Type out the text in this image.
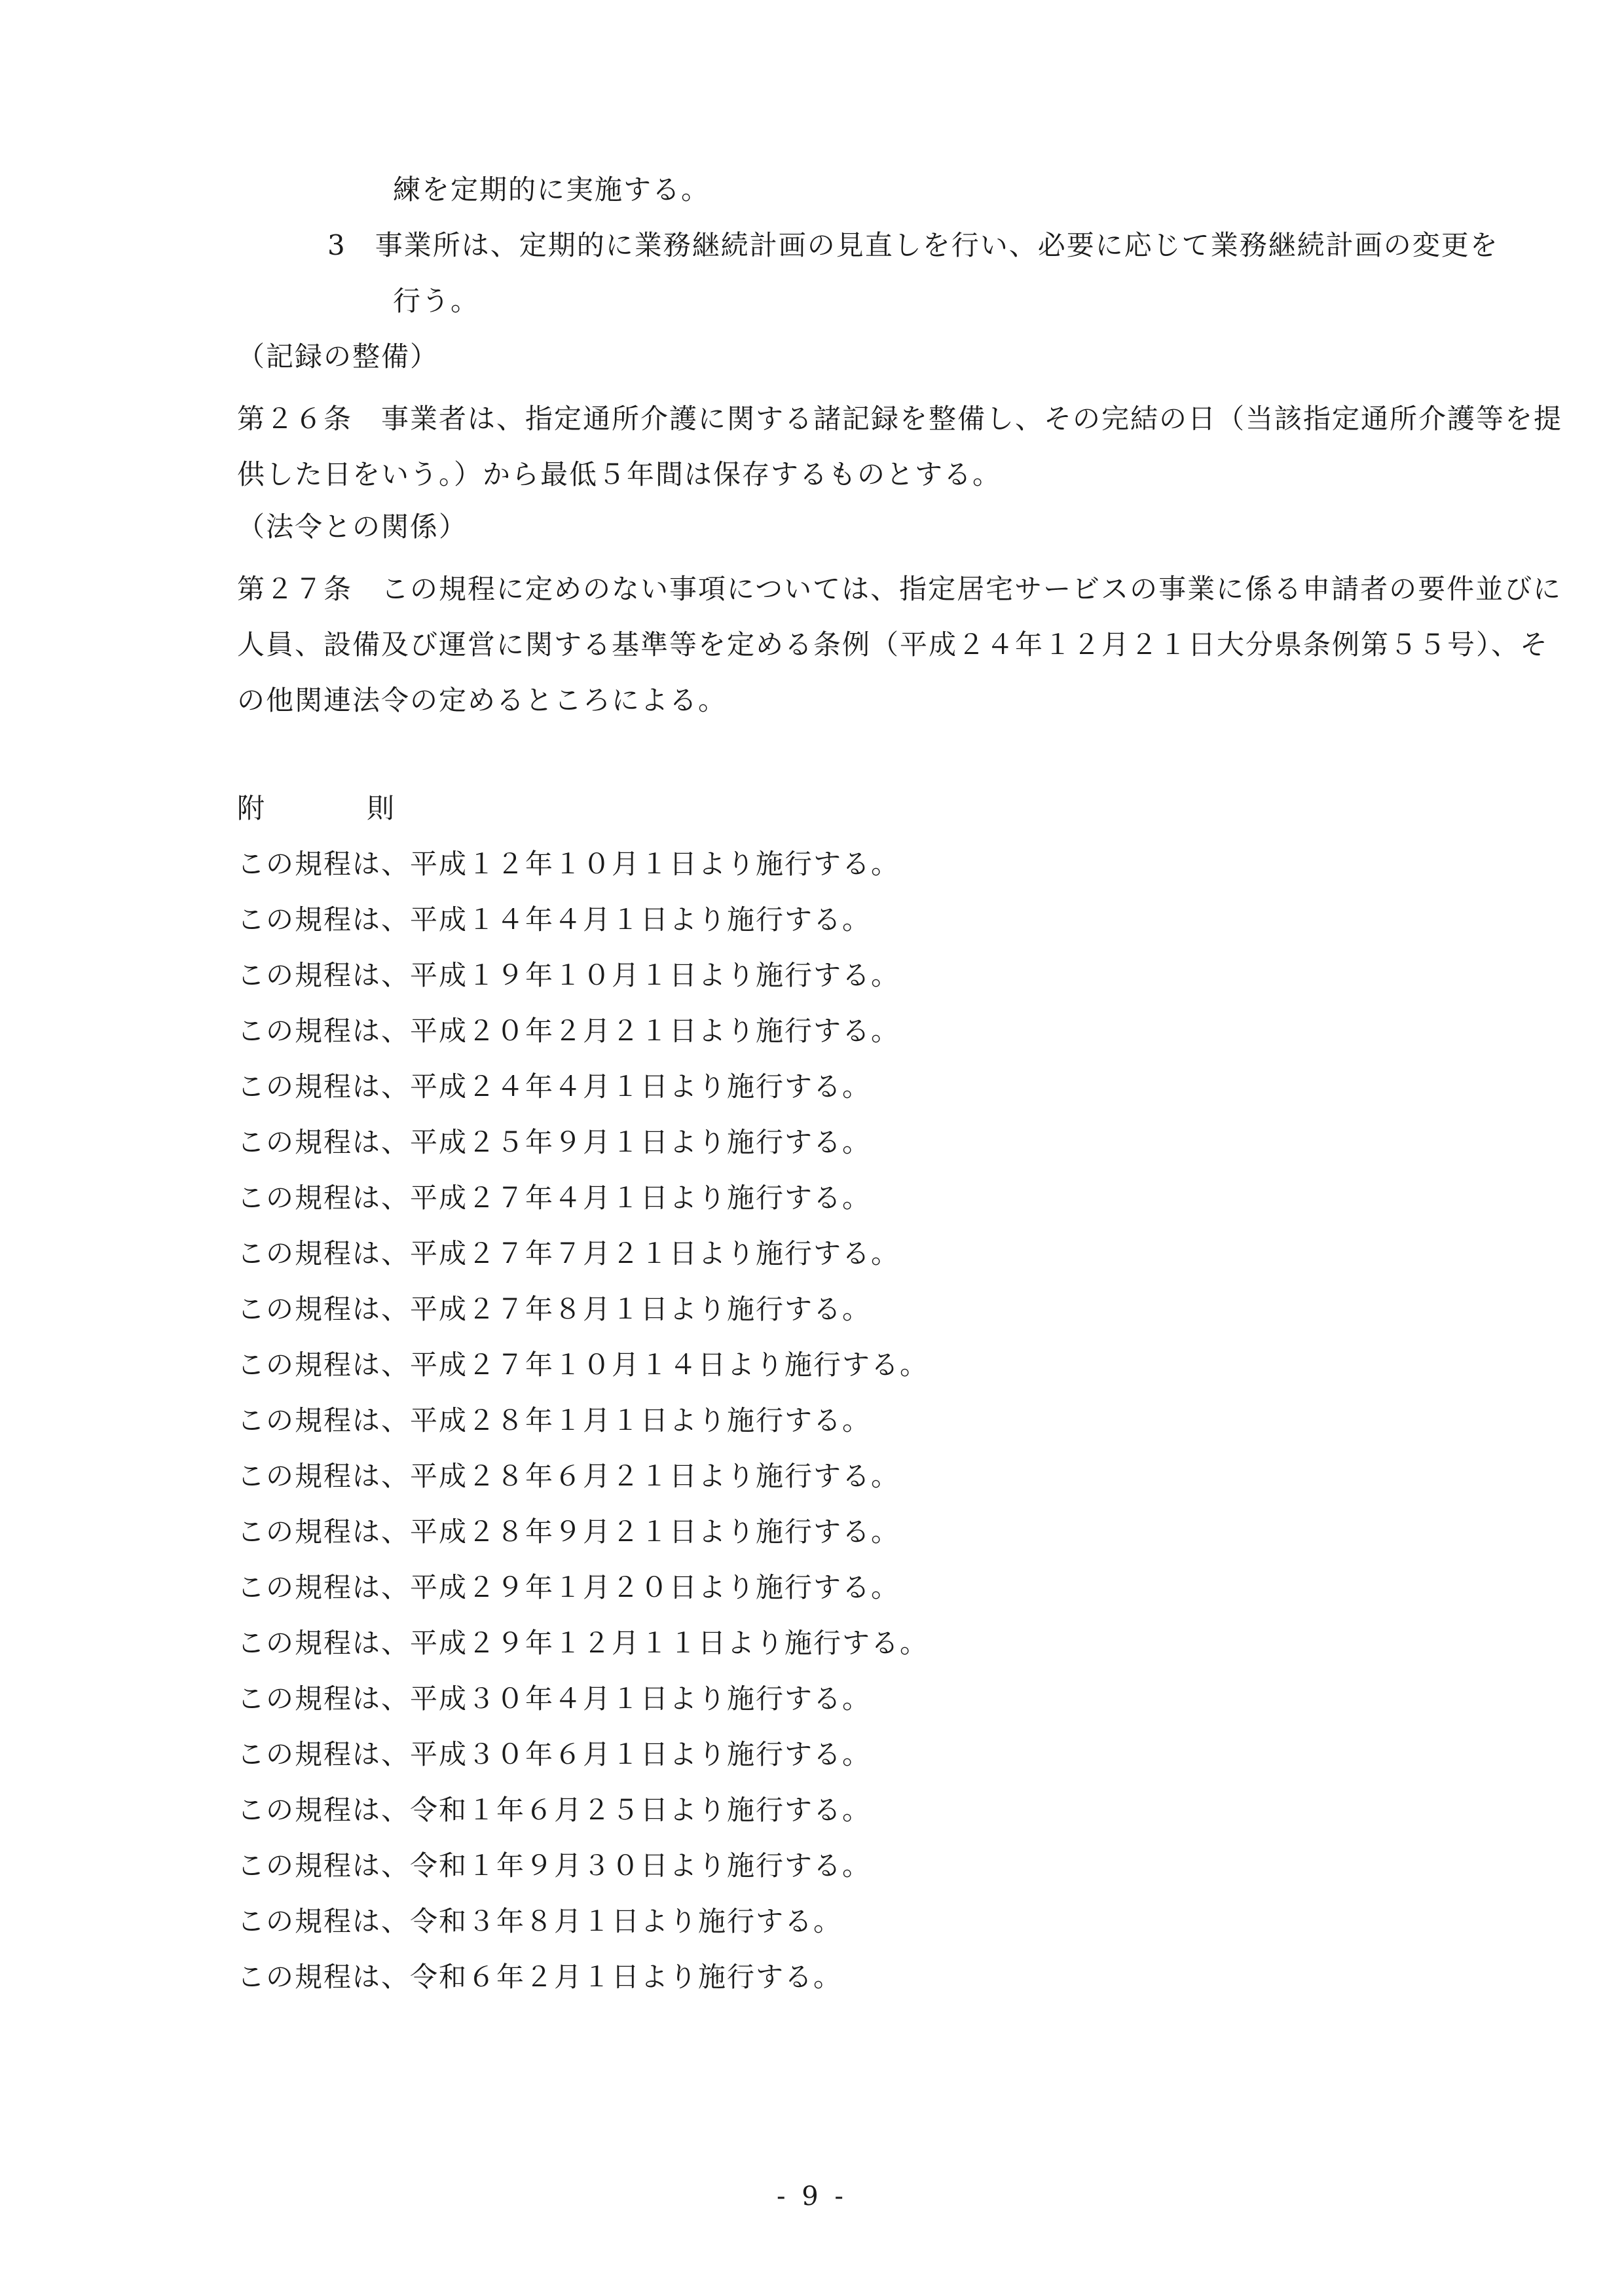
練を定期的に実施する。
3　事業所は、定期的に業務継続計画の見直しを行い、必要に応じて業務継続計画の変更を
行う。
（記録の整備）
第２６条　事業者は、指定通所介護に関する諸記録を整備し、その完結の日（当該指定通所介護等を提
供した日をいう。）から最低５年間は保存するものとする。
（法令との関係）
第２７条　この規程に定めのない事項については、指定居宅サービスの事業に係る申請者の要件並びに
人員、設備及び運営に関する基準等を定める条例（平成２４年１２月２１日大分県条例第５５号）、そ
の他関連法令の定めるところによる。
附	則
この規程は、平成１２年１０月１日より施行する。
この規程は、平成１４年４月１日より施行する。
この規程は、平成１９年１０月１日より施行する。
この規程は、平成２０年２月２１日より施行する。
この規程は、平成２４年４月１日より施行する。
この規程は、平成２５年９月１日より施行する。
この規程は、平成２７年４月１日より施行する。
この規程は、平成２７年７月２１日より施行する。
この規程は、平成２７年８月１日より施行する。
この規程は、平成２７年１０月１４日より施行する。
この規程は、平成２８年１月１日より施行する。
この規程は、平成２８年６月２１日より施行する。
この規程は、平成２８年９月２１日より施行する。
この規程は、平成２９年１月２０日より施行する。
この規程は、平成２９年１２月１１日より施行する。
この規程は、平成３０年４月１日より施行する。
この規程は、平成３０年６月１日より施行する。
この規程は、令和１年６月２５日より施行する。
この規程は、令和１年９月３０日より施行する。
この規程は、令和３年８月１日より施行する。
この規程は、令和６年２月１日より施行する。
- 9 -
